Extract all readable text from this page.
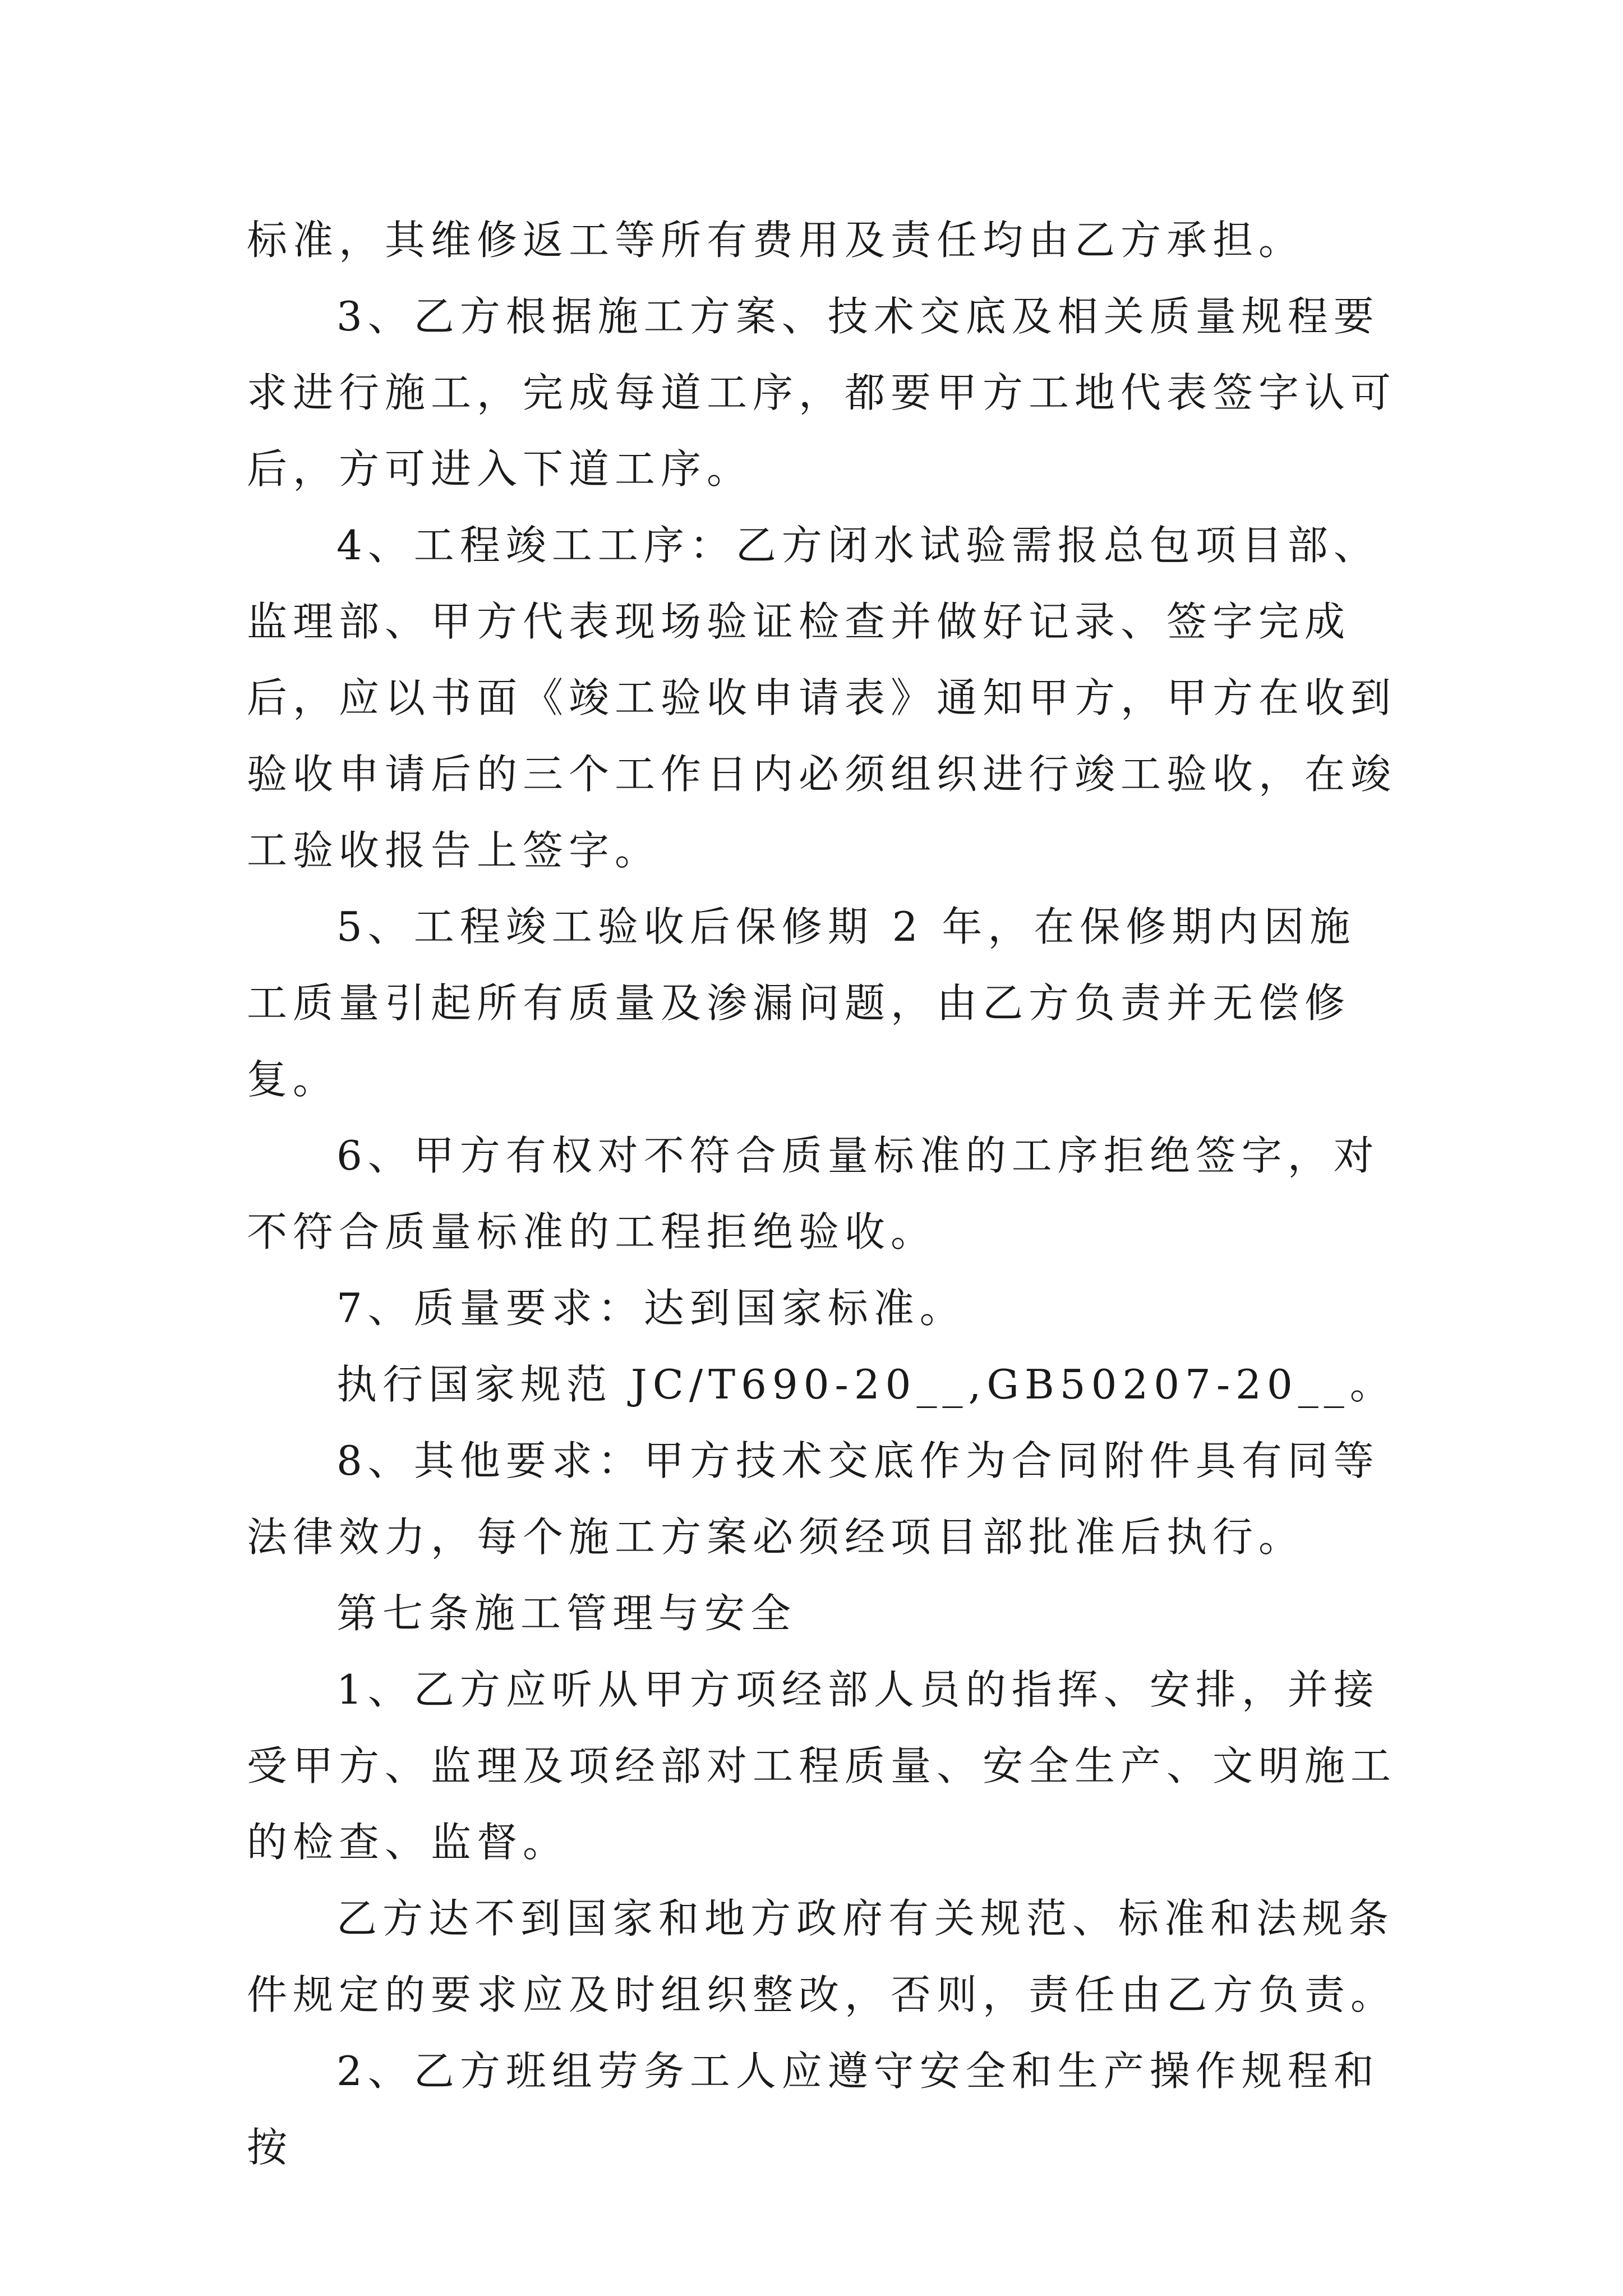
标准，其维修返工等所有费用及责任均由乙方承担。

3、乙方根据施工方案、技术交底及相关质量规程要求进行施工，完成每道工序，都要甲方工地代表签字认可后，方可进入下道工序。

4、工程竣工工序：乙方闭水试验需报总包项目部、监理部、甲方代表现场验证检查并做好记录、签字完成后，应以书面《竣工验收申请表》通知甲方，甲方在收到验收申请后的三个工作日内必须组织进行竣工验收，在竣工验收报告上签字。

5、工程竣工验收后保修期 2 年，在保修期内因施工质量引起所有质量及渗漏问题，由乙方负责并无偿修复。

6、甲方有权对不符合质量标准的工序拒绝签字，对不符合质量标准的工程拒绝验收。

7、质量要求：达到国家标准。

执行国家规范 JC/T690-20__,GB50207-20__。

8、其他要求：甲方技术交底作为合同附件具有同等法律效力，每个施工方案必须经项目部批准后执行。

第七条施工管理与安全

1、乙方应听从甲方项经部人员的指挥、安排，并接受甲方、监理及项经部对工程质量、安全生产、文明施工的检查、监督。

乙方达不到国家和地方政府有关规范、标准和法规条件规定的要求应及时组织整改，否则，责任由乙方负责。

2、乙方班组劳务工人应遵守安全和生产操作规程和按
